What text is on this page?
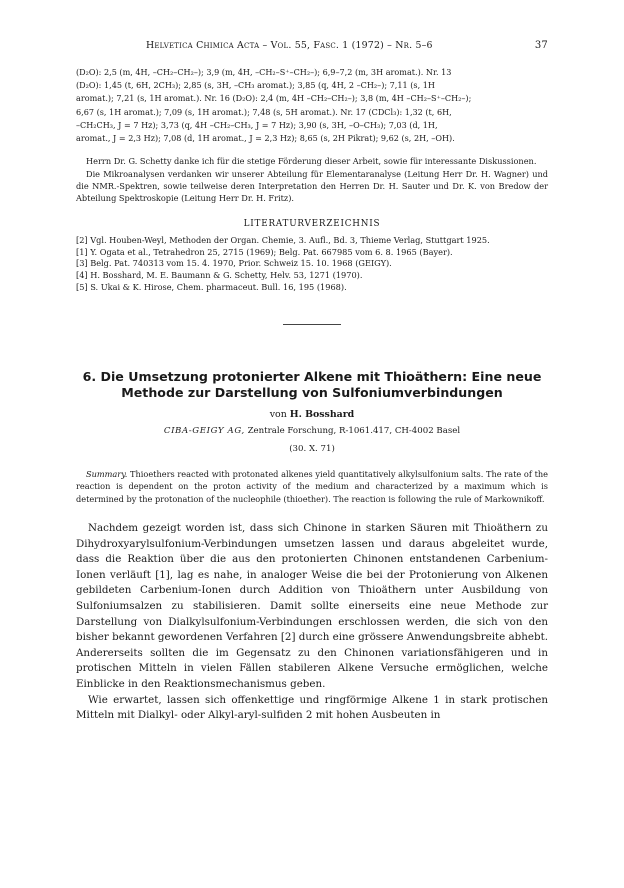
Helvetica Chimica Acta – Vol. 55, Fasc. 1 (1972) – Nr. 5–6	37

(D₂O): 2,5 (m, 4H, –CH₂–CH₂–); 3,9 (m, 4H, –CH₂–S⁺–CH₂–); 6,9–7,2 (m, 3H aromat.). Nr. 13

(D₂O): 1,45 (t, 6H, 2CH₃); 2,85 (s, 3H, –CH₃ aromat.); 3,85 (q, 4H, 2 –CH₂–); 7,11 (s, 1H

aromat.); 7,21 (s, 1H aromat.). Nr. 16 (D₂O): 2,4 (m, 4H –CH₂–CH₂–); 3,8 (m, 4H –CH₂–S⁺–CH₂–);

6,67 (s, 1H aromat.); 7,09 (s, 1H aromat.); 7,48 (s, 5H aromat.). Nr. 17 (CDCl₃): 1,32 (t, 6H,

–CH₂CH₃, J = 7 Hz); 3,73 (q, 4H –CH₂–CH₃, J = 7 Hz); 3,90 (s, 3H, –O–CH₃); 7,03 (d, 1H,

aromat., J = 2,3 Hz); 7,08 (d, 1H aromat., J = 2,3 Hz); 8,65 (s, 2H Pikrat); 9,62 (s, 2H, –OH).

Herrn Dr. G. Schetty danke ich für die stetige Förderung dieser Arbeit, sowie für interessante Diskussionen.

Die Mikroanalysen verdanken wir unserer Abteilung für Elementaranalyse (Leitung Herr Dr. H. Wagner) und die NMR.-Spektren, sowie teilweise deren Interpretation den Herren Dr. H. Sauter und Dr. K. von Bredow der Abteilung Spektroskopie (Leitung Herr Dr. H. Fritz).

LITERATURVERZEICHNIS
[2] Vgl. Houben-Weyl, Methoden der Organ. Chemie, 3. Aufl., Bd. 3, Thieme Verlag, Stuttgart 1925.
[1] Y. Ogata et al., Tetrahedron 25, 2715 (1969); Belg. Pat. 667985 vom 6. 8. 1965 (Bayer).
[3] Belg. Pat. 740313 vom 15. 4. 1970, Prior. Schweiz 15. 10. 1968 (GEIGY).
[4] H. Bosshard, M. E. Baumann & G. Schetty, Helv. 53, 1271 (1970).
[5] S. Ukai & K. Hirose, Chem. pharmaceut. Bull. 16, 195 (1968).
6. Die Umsetzung protonierter Alkene mit Thioäthern: Eine neue
Methode zur Darstellung von Sulfoniumverbindungen
von H. Bosshard
CIBA-GEIGY AG, Zentrale Forschung, R-1061.417, CH-4002 Basel
(30. X. 71)
Summary. Thioethers reacted with protonated alkenes yield quantitatively alkylsulfonium salts. The rate of the reaction is dependent on the proton activity of the medium and characterized by a maximum which is determined by the protonation of the nucleophile (thioether). The reaction is following the rule of Markownikoff.

Nachdem gezeigt worden ist, dass sich Chinone in starken Säuren mit Thioäthern zu Dihydroxyarylsulfonium-Verbindungen umsetzen lassen und daraus abgeleitet wurde, dass die Reaktion über die aus den protonierten Chinonen entstandenen Carbenium-Ionen verläuft [1], lag es nahe, in analoger Weise die bei der Protonierung von Alkenen gebildeten Carbenium-Ionen durch Addition von Thioäthern unter Ausbildung von Sulfoniumsalzen zu stabilisieren. Damit sollte einerseits eine neue Methode zur Darstellung von Dialkylsulfonium-Verbindungen erschlossen werden, die sich von den bisher bekannt gewordenen Verfahren [2] durch eine grössere Anwendungsbreite abhebt. Andererseits sollten die im Gegensatz zu den Chinonen variationsfähigeren und in protischen Mitteln in vielen Fällen stabileren Alkene Versuche ermöglichen, welche Einblicke in den Reaktionsmechanismus geben.

Wie erwartet, lassen sich offenkettige und ringförmige Alkene 1 in stark protischen Mitteln mit Dialkyl- oder Alkyl-aryl-sulfiden 2 mit hohen Ausbeuten in
